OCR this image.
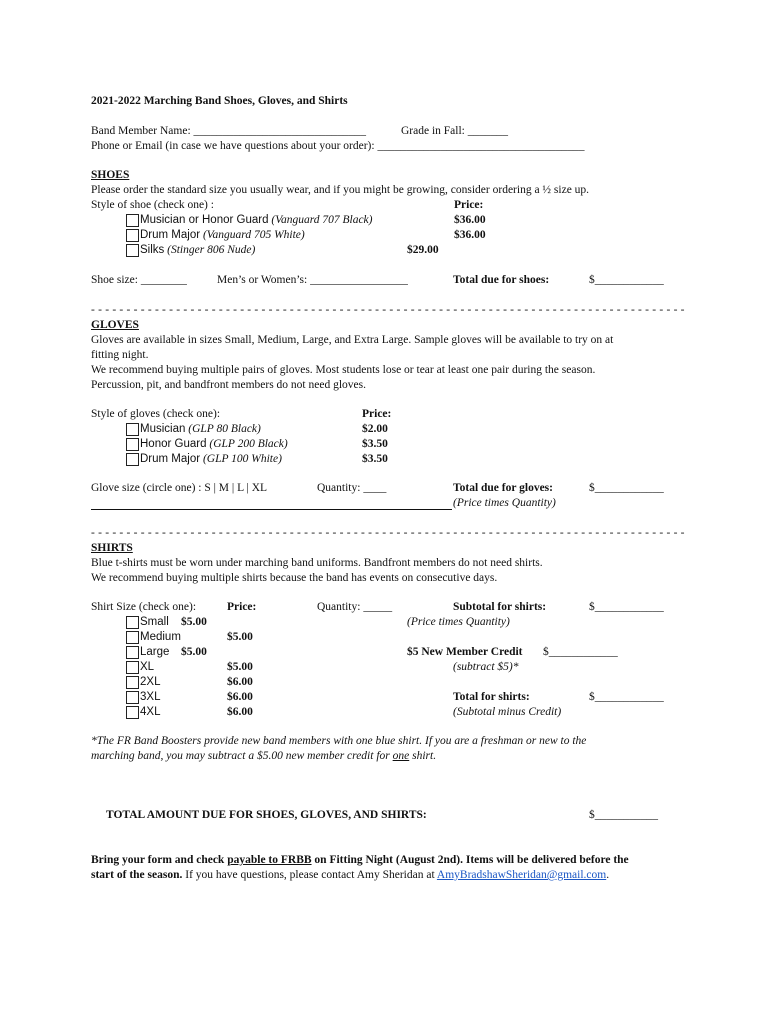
2021-2022 Marching Band Shoes, Gloves, and Shirts
Band Member Name: ______________________________	Grade in Fall: _______
Phone or Email (in case we have questions about your order): ____________________________________
SHOES
Please order the standard size you usually wear, and if you might be growing, consider ordering a ½ size up.
Style of shoe (check one) :	Price:
Musician or Honor Guard (Vanguard 707 Black)	$36.00
Drum Major (Vanguard 705 White)	$36.00
Silks (Stinger 806 Nude)	$29.00
Shoe size: ________	Men’s or Women’s: _________________	Total due for shoes:	$____________
- - - - - - - - - - - - - - - - - - - - - - - - - - - - - - - - - - - - - - - - - - - - - - - - - - - - - - - - - - - - - - - - - - - - - - - - - - - - - - - - - - - -
GLOVES
Gloves are available in sizes Small, Medium, Large, and Extra Large. Sample gloves will be available to try on at
fitting night.
We recommend buying multiple pairs of gloves. Most students lose or tear at least one pair during the season.
Percussion, pit, and bandfront members do not need gloves.
Style of gloves (check one):	Price:
Musician (GLP 80 Black)	$2.00
Honor Guard (GLP 200 Black)	$3.50
Drum Major (GLP 100 White)	$3.50
Glove size (circle one) : S | M | L | XL	Quantity: ____	Total due for gloves:	$____________
(Price times Quantity)
- - - - - - - - - - - - - - - - - - - - - - - - - - - - - - - - - - - - - - - - - - - - - - - - - - - - - - - - - - - - - - - - - - - - - - - - - - - - - - - - - - - -
SHIRTS
Blue t-shirts must be worn under marching band uniforms. Bandfront members do not need shirts.
We recommend buying multiple shirts because the band has events on consecutive days.
Shirt Size (check one):	Price:	Quantity: _____	Subtotal for shirts:	$____________
(Price times Quantity)
Small $5.00
Medium	$5.00
Large $5.00
XL	$5.00
2XL	$6.00
3XL	$6.00
4XL	$6.00
$5 New Member Credit $____________
(subtract $5)*
Total for shirts:	$____________
(Subtotal minus Credit)
*The FR Band Boosters provide new band members with one blue shirt. If you are a freshman or new to the
marching band, you may subtract a $5.00 new member credit for one shirt.
TOTAL AMOUNT DUE FOR SHOES, GLOVES, AND SHIRTS:	$___________
Bring your form and check payable to FRBB on Fitting Night (August 2nd). Items will be delivered before the
start of the season. If you have questions, please contact Amy Sheridan at AmyBradshawSheridan@gmail.com.
